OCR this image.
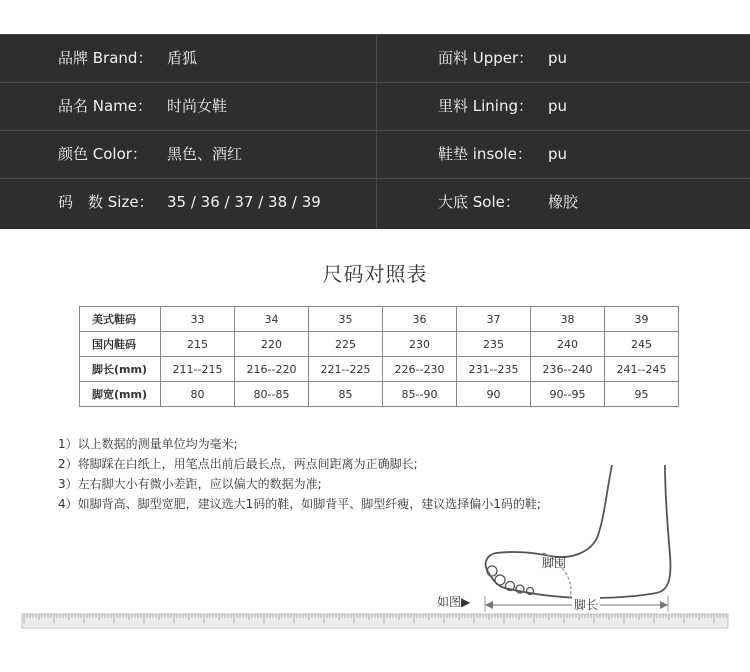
品牌 Brand： 盾狐	面料 Upper： pu
品名 Name： 时尚女鞋	里料 Lining： pu
颜色 Color： 黑色、酒红	鞋垫 insole： pu
码　数 Size： 35 / 36 / 37 / 38 / 39	大底 Sole： 橡胶
尺码对照表
美式鞋码	33	34	35	36	37	38	39
国内鞋码	215	220	225	230	235	240	245
脚长(mm)	211--215	216--220	221--225	226--230	231--235	236--240	241--245
脚宽(mm)	80	80--85	85	85--90	90	90--95	95
1）以上数据的测量单位均为毫米;
2）将脚踩在白纸上，用笔点出前后最长点，两点间距离为正确脚长;
3）左右脚大小有微小差距，应以偏大的数据为准;
4）如脚背高、脚型宽肥，建议选大1码的鞋，如脚背平、脚型纤瘦，建议选择偏小1码的鞋;
脚围
脚长
如图▶
